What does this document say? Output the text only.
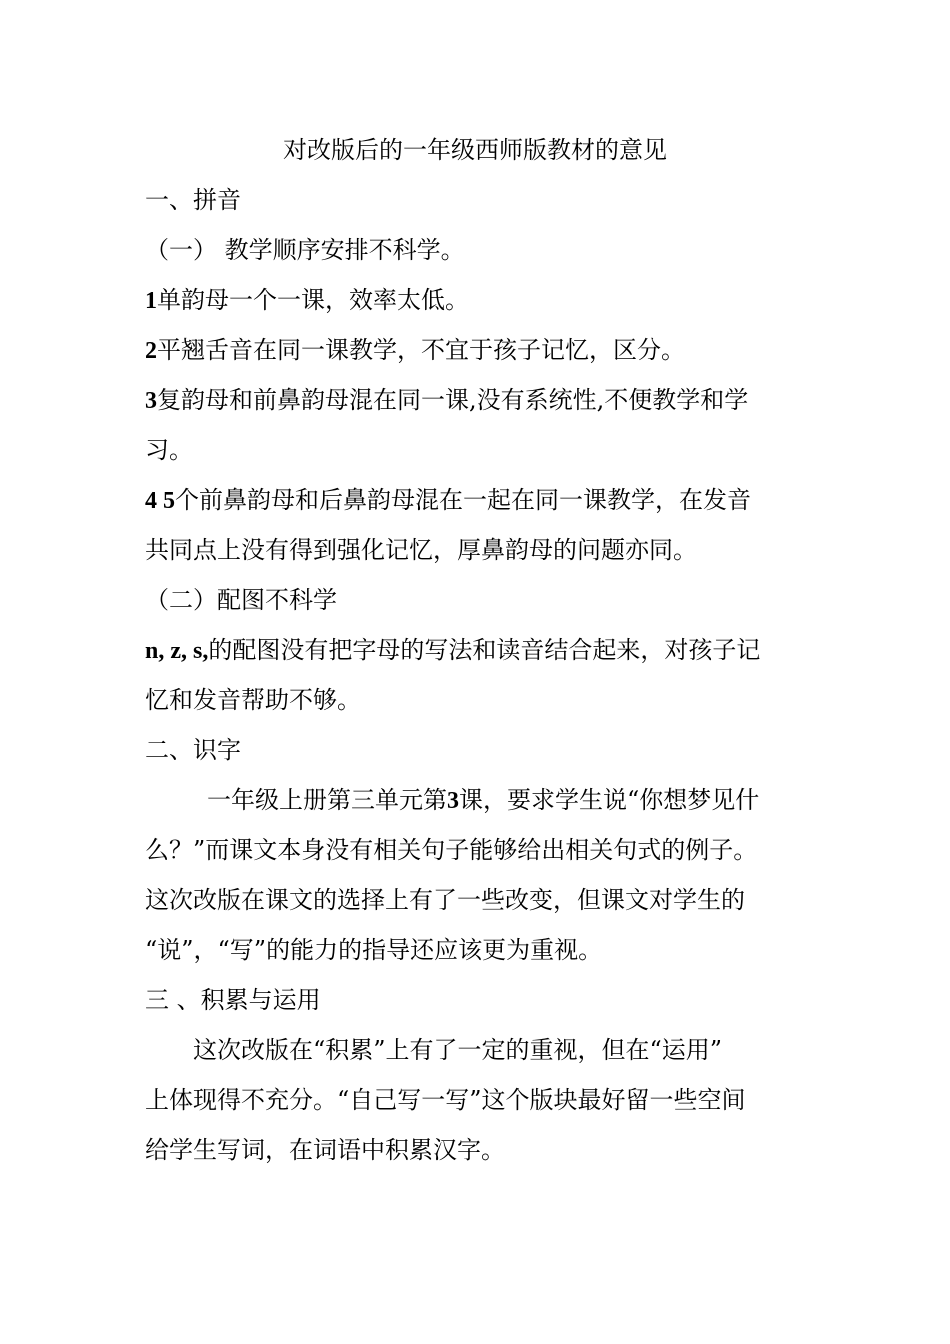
对改版后的一年级西师版教材的意见
一、拼音
（一） 教学顺序安排不科学。
1单韵母一个一课，效率太低。
2平翘舌音在同一课教学，不宜于孩子记忆，区分。
3复韵母和前鼻韵母混在同一课,没有系统性,不便教学和学
习。
4 5个前鼻韵母和后鼻韵母混在一起在同一课教学，在发音
共同点上没有得到强化记忆，厚鼻韵母的问题亦同。
（二）配图不科学
n, z, s,的配图没有把字母的写法和读音结合起来，对孩子记
忆和发音帮助不够。
二、识字
一年级上册第三单元第3课，要求学生说“你想梦见什
么？”而课文本身没有相关句子能够给出相关句式的例子。
这次改版在课文的选择上有了一些改变，但课文对学生的
“说”，“写”的能力的指导还应该更为重视。
三 、积累与运用
这次改版在“积累”上有了一定的重视，但在“运用”
上体现得不充分。“自己写一写”这个版块最好留一些空间
给学生写词，在词语中积累汉字。
